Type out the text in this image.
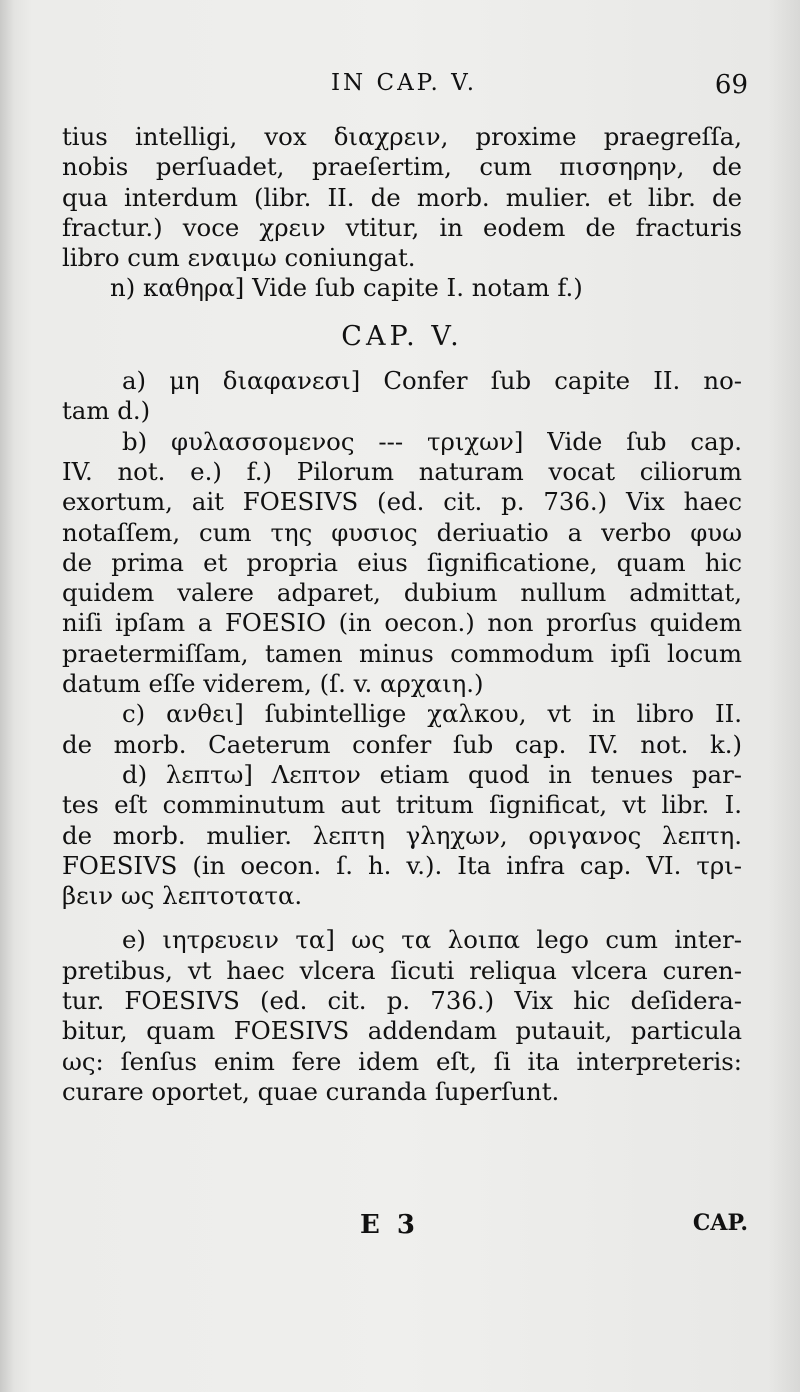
IN CAP. V.	69
tius intelligi, vox διαχρειν, proxime praegreſſa,
nobis perſuadet, praeſertim, cum πισσηρην, de
qua interdum (libr. II. de morb. mulier. et libr. de
fractur.) voce χρειν vtitur, in eodem de fracturis
libro cum εναιμω coniungat.
n) καθηρα] Vide ſub capite I. notam f.)
CAP. V.
a) μη διαφανεσι] Confer ſub capite II. no-
tam d.)
b) φυλασσομενος --- τριχων] Vide ſub cap.
IV. not. e.) f.) Pilorum naturam vocat ciliorum
exortum, ait FOESIVS (ed. cit. p. 736.) Vix haec
notaſſem, cum της φυσιος deriuatio a verbo φυω
de prima et propria eius ſignificatione, quam hic
quidem valere adparet, dubium nullum admittat,
niſi ipſam a FOESIO (in oecon.) non prorſus quidem
praetermiſſam, tamen minus commodum ipſi locum
datum eſſe viderem, (ſ. v. αρχαιη.)
c) ανθει] ſubintellige χαλκου, vt in libro II.
de morb. Caeterum confer ſub cap. IV. not. k.)
d) λεπτω] Λεπτον etiam quod in tenues par-
tes eſt comminutum aut tritum ſignificat, vt libr. I.
de morb. mulier. λεπτη γληχων, οριγανος λεπτη.
FOESIVS (in oecon. ſ. h. v.). Ita infra cap. VI. τρι-
βειν ως λεπτοτατα.
e) ιητρευειν τα] ως τα λοιπα lego cum inter-
pretibus, vt haec vlcera ſicuti reliqua vlcera curen-
tur. FOESIVS (ed. cit. p. 736.) Vix hic deſidera-
bitur, quam FOESIVS addendam putauit, particula
ως: ſenſus enim fere idem eſt, ſi ita interpreteris:
curare oportet, quae curanda ſuperſunt.
E 3	CAP.
